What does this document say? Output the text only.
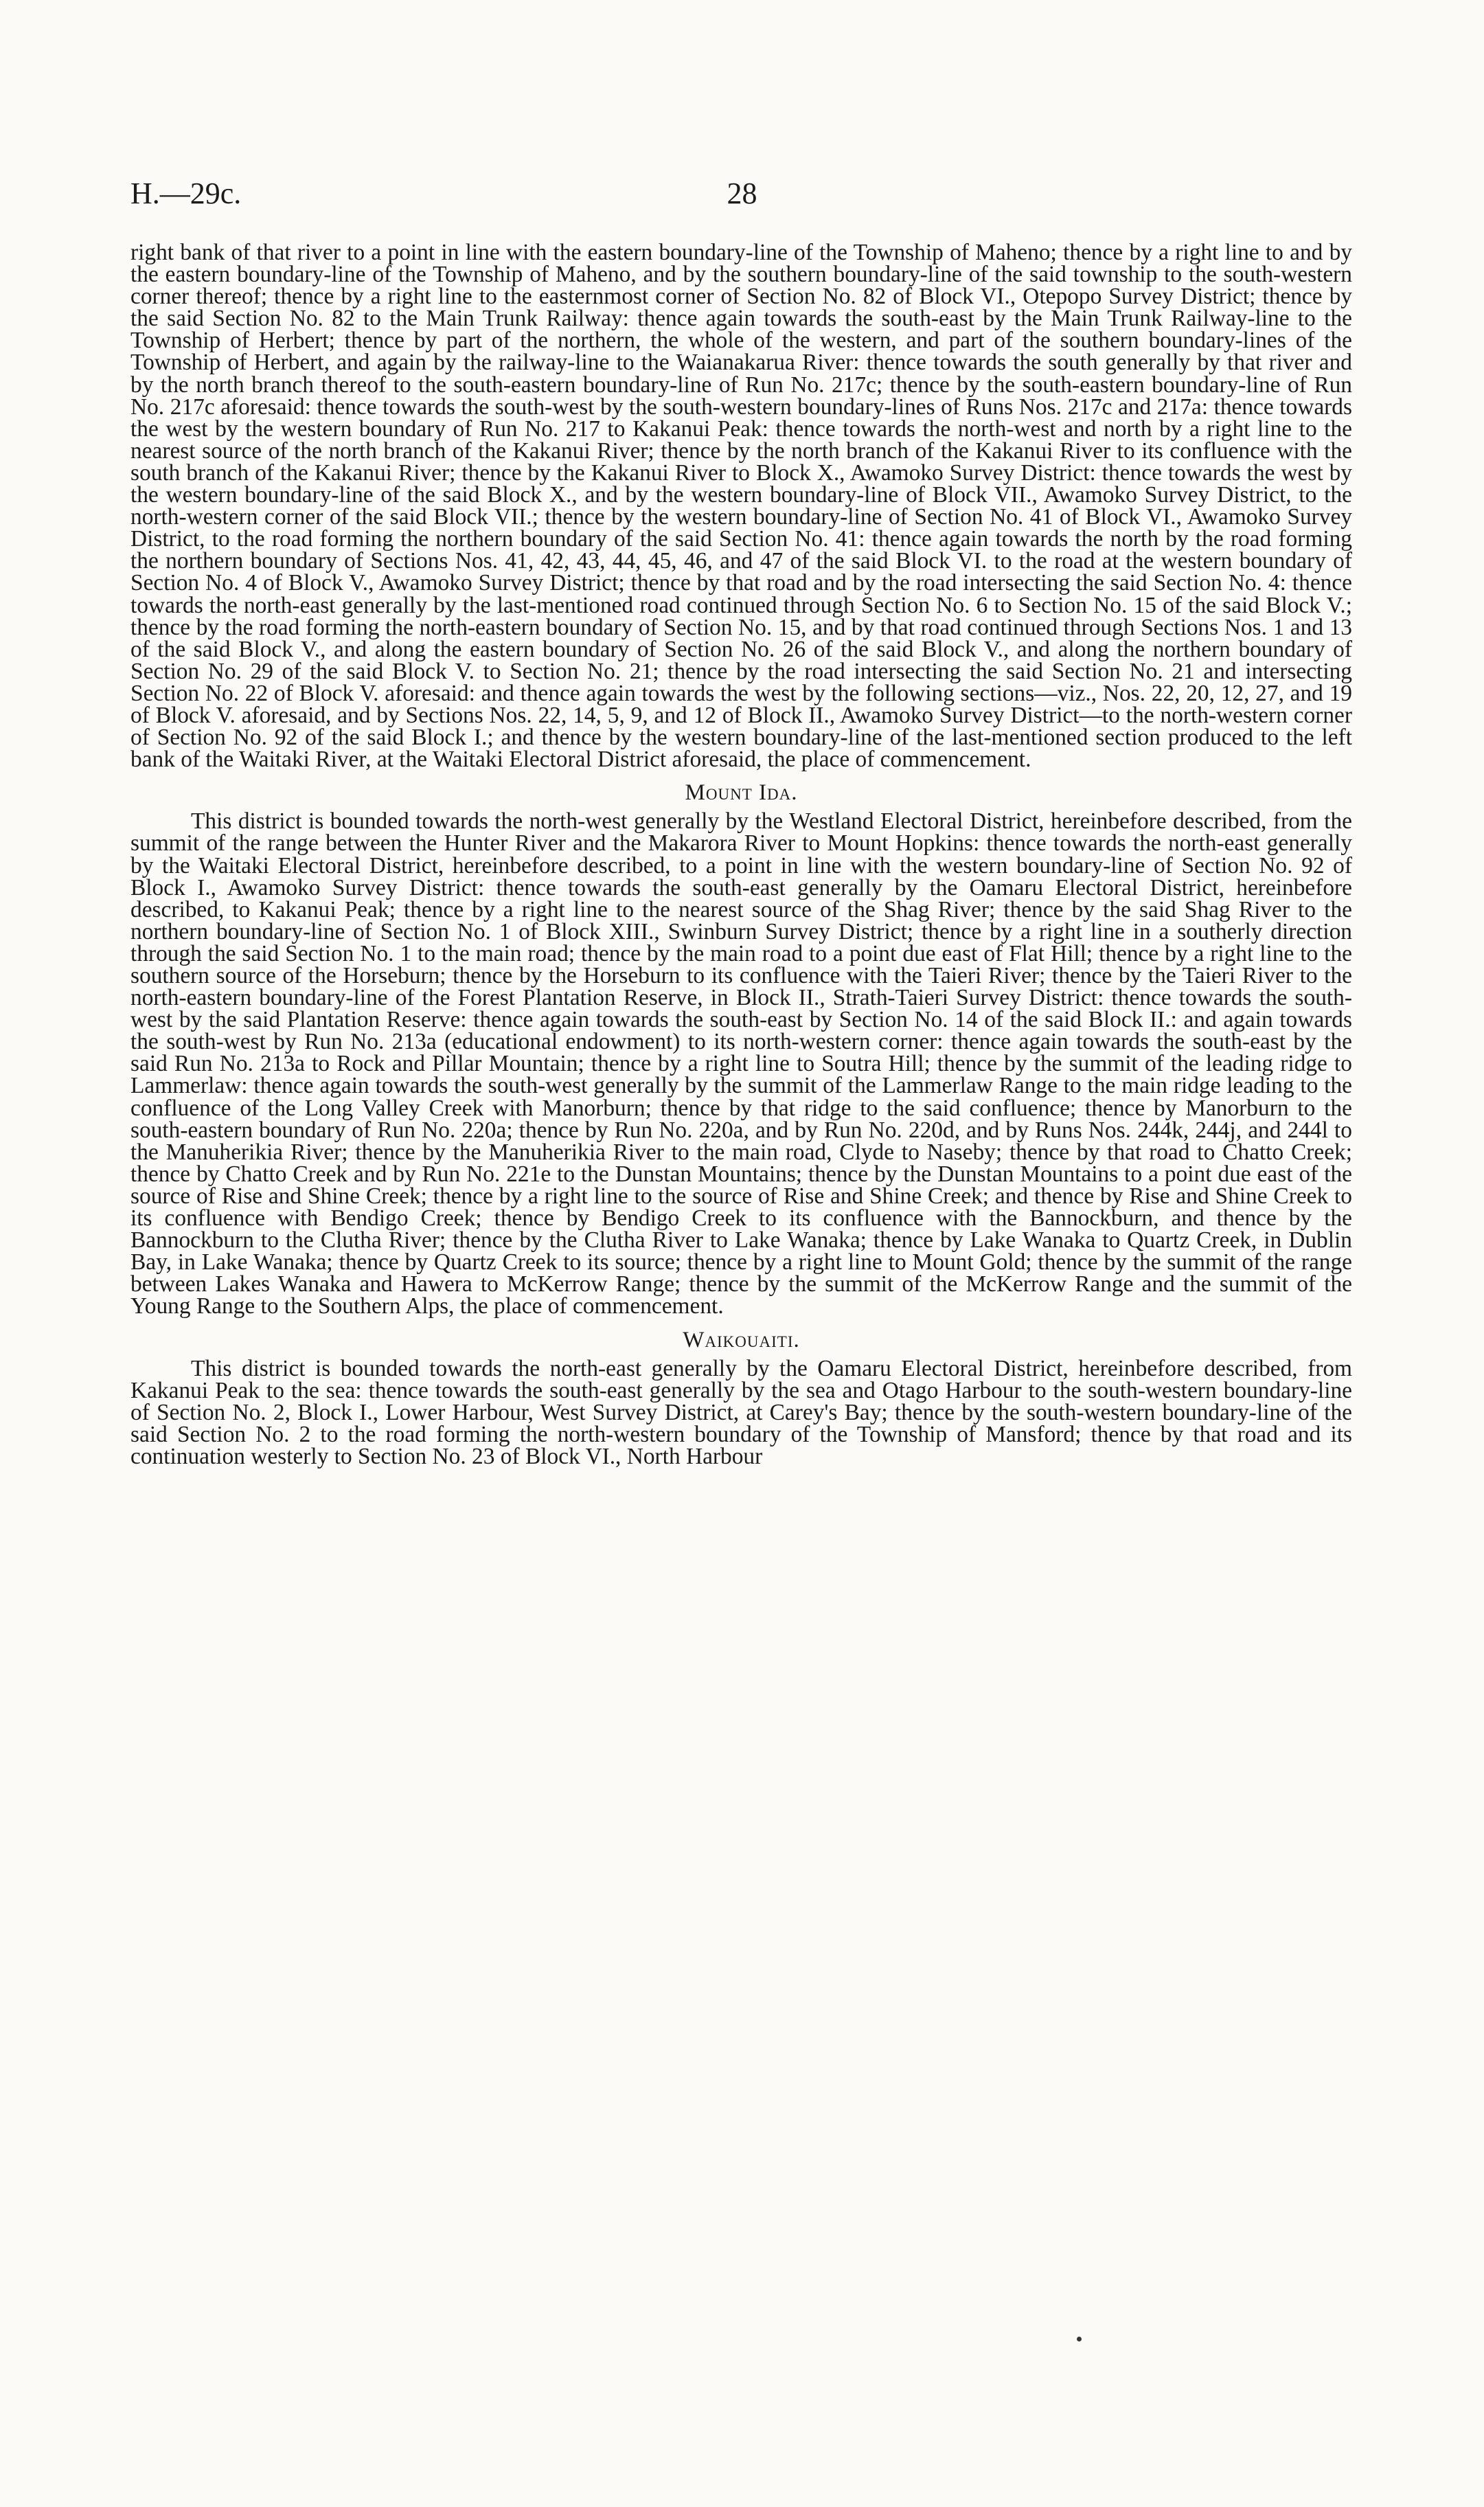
H.—29c.	28

right bank of that river to a point in line with the eastern boundary-line of the Township of Maheno; thence by a right line to and by the eastern boundary-line of the Township of Maheno, and by the southern boundary-line of the said township to the south-western corner thereof; thence by a right line to the easternmost corner of Section No. 82 of Block VI., Otepopo Survey District; thence by the said Section No. 82 to the Main Trunk Railway: thence again towards the south-east by the Main Trunk Railway-line to the Township of Herbert; thence by part of the northern, the whole of the western, and part of the southern boundary-lines of the Township of Herbert, and again by the railway-line to the Waianakarua River: thence towards the south generally by that river and by the north branch thereof to the south-eastern boundary-line of Run No. 217c; thence by the south-eastern boundary-line of Run No. 217c aforesaid: thence towards the south-west by the south-western boundary-lines of Runs Nos. 217c and 217a: thence towards the west by the western boundary of Run No. 217 to Kakanui Peak: thence towards the north-west and north by a right line to the nearest source of the north branch of the Kakanui River; thence by the north branch of the Kakanui River to its confluence with the south branch of the Kakanui River; thence by the Kakanui River to Block X., Awamoko Survey District: thence towards the west by the western boundary-line of the said Block X., and by the western boundary-line of Block VII., Awamoko Survey District, to the north-western corner of the said Block VII.; thence by the western boundary-line of Section No. 41 of Block VI., Awamoko Survey District, to the road forming the northern boundary of the said Section No. 41: thence again towards the north by the road forming the northern boundary of Sections Nos. 41, 42, 43, 44, 45, 46, and 47 of the said Block VI. to the road at the western boundary of Section No. 4 of Block V., Awamoko Survey District; thence by that road and by the road intersecting the said Section No. 4: thence towards the north-east generally by the last-mentioned road continued through Section No. 6 to Section No. 15 of the said Block V.; thence by the road forming the north-eastern boundary of Section No. 15, and by that road continued through Sections Nos. 1 and 13 of the said Block V., and along the eastern boundary of Section No. 26 of the said Block V., and along the northern boundary of Section No. 29 of the said Block V. to Section No. 21; thence by the road intersecting the said Section No. 21 and intersecting Section No. 22 of Block V. aforesaid: and thence again towards the west by the following sections—viz., Nos. 22, 20, 12, 27, and 19 of Block V. aforesaid, and by Sections Nos. 22, 14, 5, 9, and 12 of Block II., Awamoko Survey District—to the north-western corner of Section No. 92 of the said Block I.; and thence by the western boundary-line of the last-mentioned section produced to the left bank of the Waitaki River, at the Waitaki Electoral District aforesaid, the place of commencement.

Mount Ida.

This district is bounded towards the north-west generally by the Westland Electoral District, hereinbefore described, from the summit of the range between the Hunter River and the Makarora River to Mount Hopkins: thence towards the north-east generally by the Waitaki Electoral District, hereinbefore described, to a point in line with the western boundary-line of Section No. 92 of Block I., Awamoko Survey District: thence towards the south-east generally by the Oamaru Electoral District, hereinbefore described, to Kakanui Peak; thence by a right line to the nearest source of the Shag River; thence by the said Shag River to the northern boundary-line of Section No. 1 of Block XIII., Swinburn Survey District; thence by a right line in a southerly direction through the said Section No. 1 to the main road; thence by the main road to a point due east of Flat Hill; thence by a right line to the southern source of the Horseburn; thence by the Horseburn to its confluence with the Taieri River; thence by the Taieri River to the north-eastern boundary-line of the Forest Plantation Reserve, in Block II., Strath-Taieri Survey District: thence towards the south-west by the said Plantation Reserve: thence again towards the south-east by Section No. 14 of the said Block II.: and again towards the south-west by Run No. 213a (educational endowment) to its north-western corner: thence again towards the south-east by the said Run No. 213a to Rock and Pillar Mountain; thence by a right line to Soutra Hill; thence by the summit of the leading ridge to Lammerlaw: thence again towards the south-west generally by the summit of the Lammerlaw Range to the main ridge leading to the confluence of the Long Valley Creek with Manorburn; thence by that ridge to the said confluence; thence by Manorburn to the south-eastern boundary of Run No. 220a; thence by Run No. 220a, and by Run No. 220d, and by Runs Nos. 244k, 244j, and 244l to the Manuherikia River; thence by the Manuherikia River to the main road, Clyde to Naseby; thence by that road to Chatto Creek; thence by Chatto Creek and by Run No. 221e to the Dunstan Mountains; thence by the Dunstan Mountains to a point due east of the source of Rise and Shine Creek; thence by a right line to the source of Rise and Shine Creek; and thence by Rise and Shine Creek to its confluence with Bendigo Creek; thence by Bendigo Creek to its confluence with the Bannockburn, and thence by the Bannockburn to the Clutha River; thence by the Clutha River to Lake Wanaka; thence by Lake Wanaka to Quartz Creek, in Dublin Bay, in Lake Wanaka; thence by Quartz Creek to its source; thence by a right line to Mount Gold; thence by the summit of the range between Lakes Wanaka and Hawera to McKerrow Range; thence by the summit of the McKerrow Range and the summit of the Young Range to the Southern Alps, the place of commencement.

Waikouaiti.

This district is bounded towards the north-east generally by the Oamaru Electoral District, hereinbefore described, from Kakanui Peak to the sea: thence towards the south-east generally by the sea and Otago Harbour to the south-western boundary-line of Section No. 2, Block I., Lower Harbour, West Survey District, at Carey's Bay; thence by the south-western boundary-line of the said Section No. 2 to the road forming the north-western boundary of the Township of Mansford; thence by that road and its continuation westerly to Section No. 23 of Block VI., North Harbour
